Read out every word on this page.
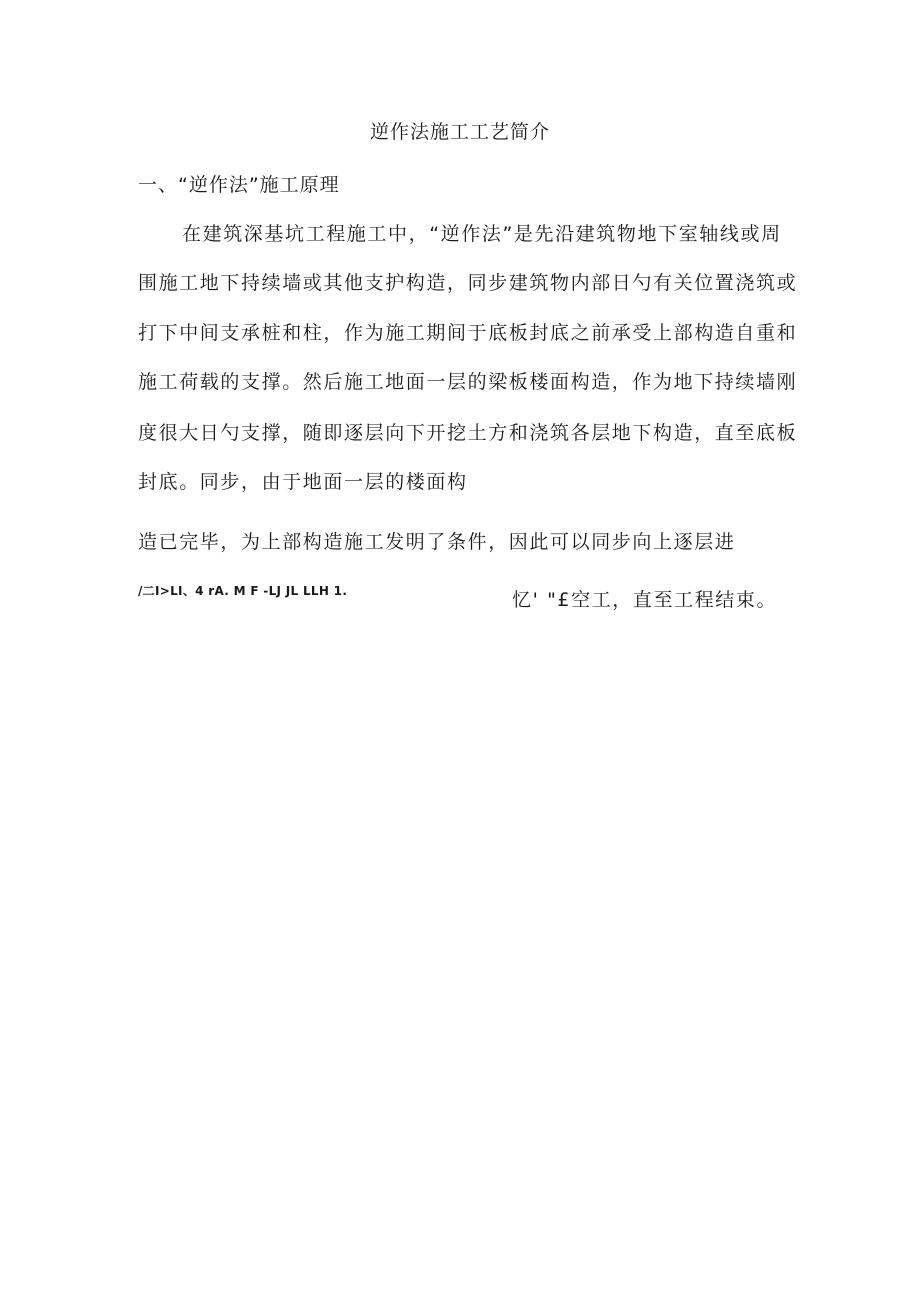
逆作法施工工艺简介
一、“逆作法”施工原理
在建筑深基坑工程施工中，“逆作法”是先沿建筑物地下室轴线或周
围施工地下持续墙或其他支护构造，同步建筑物内部日勺有关位置浇筑或
打下中间支承桩和柱，作为施工期间于底板封底之前承受上部构造自重和
施工荷载的支撑。然后施工地面一层的梁板楼面构造，作为地下持续墙刚
度很大日勺支撑，随即逐层向下开挖土方和浇筑各层地下构造，直至底板
封底。同步，由于地面一层的楼面构
造已完毕，为上部构造施工发明了条件，因此可以同步向上逐层进
/二I>LI、4 rA. M F -LJ JL LLH 1.	忆' "£空工，直至工程结束。
